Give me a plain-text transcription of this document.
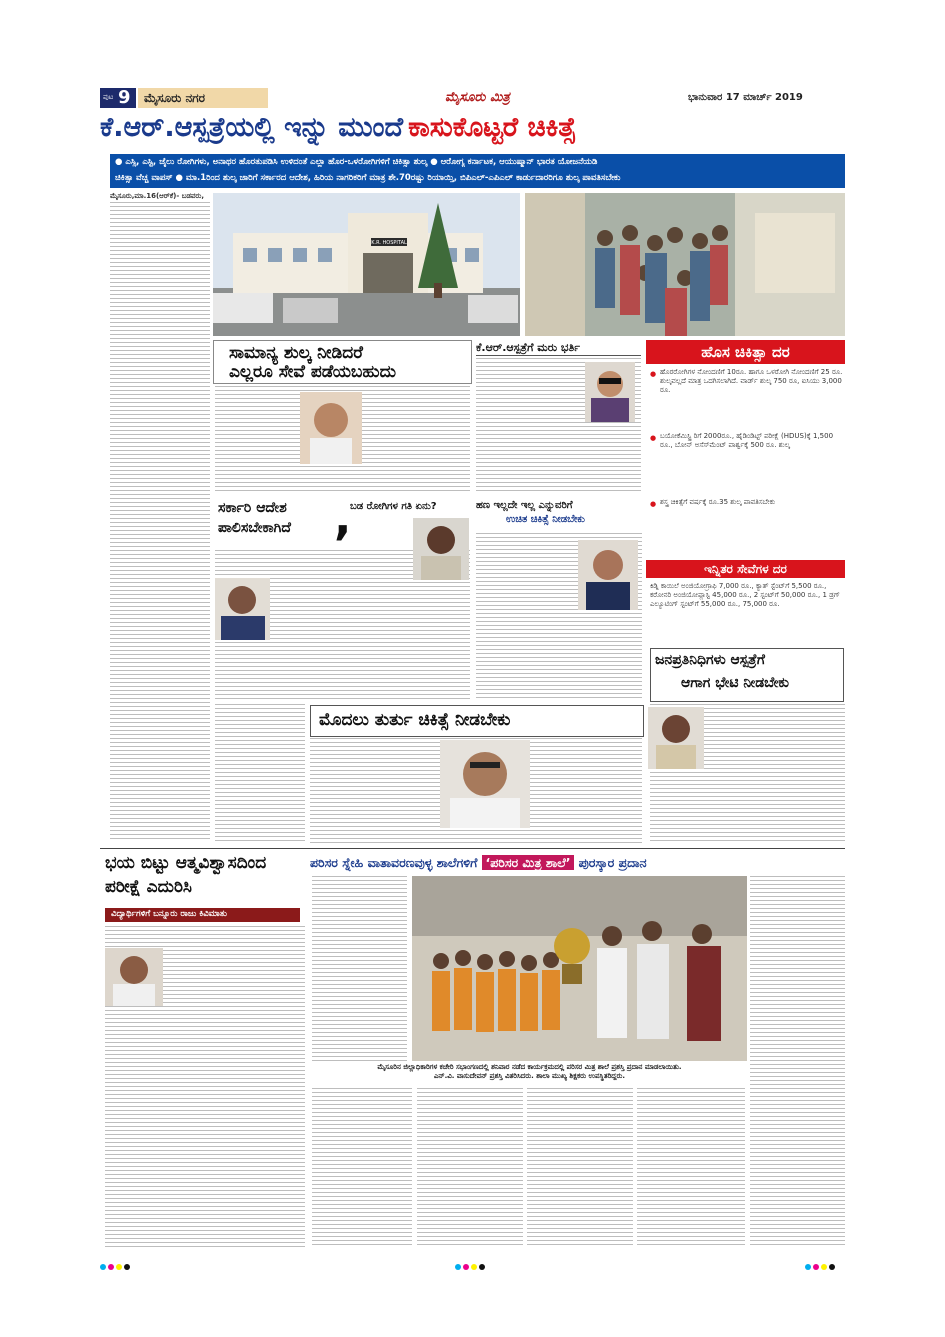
ಪುಟ 9 ಮೈಸೂರು ನಗರ	ಮೈಸೂರು ಮಿತ್ರ	ಭಾನುವಾರ 17 ಮಾರ್ಚ್ 2019
ಕೆ.ಆರ್.ಆಸ್ಪತ್ರೆಯಲ್ಲಿ ಇನ್ನು ಮುಂದೆ ಕಾಸುಕೊಟ್ಟರೆ ಚಿಕಿತ್ಸೆ
● ಎಸ್ಸಿ, ಎಸ್ಟಿ, ಜೈಲು ರೋಗಿಗಳು, ಅನಾಥರ ಹೊರತುಪಡಿಸಿ ಉಳಿದಂತೆ ಎಲ್ಲಾ ಹೊರ-ಒಳರೋಗಿಗಳಿಗೆ ಚಿಕಿತ್ಸಾ ಶುಲ್ಕ ● ಆರೋಗ್ಯ ಕರ್ನಾಟಕ, ಆಯುಷ್ಮಾನ್ ಭಾರತ ಯೋಜನೆಯಡಿ
ಚಿಕಿತ್ಸಾ ವೆಚ್ಚ ವಾಪಸ್ ● ಮಾ.1ರಿಂದ ಶುಲ್ಕ ಜಾರಿಗೆ ಸರ್ಕಾರದ ಆದೇಶ, ಹಿರಿಯ ನಾಗರಿಕರಿಗೆ ಮಾತ್ರ ಶೇ.70ರಷ್ಟು ರಿಯಾಯ್ತಿ, ಬಿಪಿಎಲ್-ಎಪಿಎಲ್ ಕಾರ್ಡುದಾರರಿಗೂ ಶುಲ್ಕ ಪಾವತಿಸಬೇಕು
ಮೈಸೂರು,ಮಾ.16(ಆರ್‌ಕೆ)- ಬಡವರು,
K.R. HOSPITAL
ಸಾಮಾನ್ಯ ಶುಲ್ಕ ನೀಡಿದರೆ
ಎಲ್ಲರೂ ಸೇವೆ ಪಡೆಯಬಹುದು
ಕೆ.ಆರ್.ಆಸ್ಪತ್ರೆಗೆ ಮರು ಭರ್ತಿ	ಹೊಸ ಚಿಕಿತ್ಸಾ ದರ
ಹೊರರೋಗಿಗಳ ನೋಂದಣಿಗೆ 10ರೂ. ಹಾಗೂ ಒಳರೋಗಿ ನೋಂದಣಿಗೆ 25 ರೂ. ಶುಲ್ಕವಲ್ಲದೆ ಮಾತ್ರ ಒದಗಿಸಲಾಗಿದೆ. ವಾರ್ಡ್ ಶುಲ್ಕ 750 ರೂ, ಐಸಿಯು 3,000 ರೂ.
ಬಯೋಕೆಮಿಸ್ಟ್ರಿ ರಿಗೆ 2000ರೂ., ಹೈಡಿಂಡಿಟ್ಟ್ ಪರೀಕ್ಷೆ (HDUS)ಕ್ಕೆ 1,500 ರೂ., ಬೋನ್ ಅಸೆಸ್‌ಮೆಂಟ್ ಪಾರ್ಶ್ವಕ್ಕೆ 500 ರೂ. ಶುಲ್ಕ
ಶಸ್ತ್ರ ಚಿಕಿತ್ಸೆಗೆ ವರ್ಷಕ್ಕೆ ರೂ.35 ಶುಲ್ಕ ಪಾವತಿಸಬೇಕು
●
●
●
ಇನ್ನಿತರ ಸೇವೆಗಳ ದರ
ಕಿಡ್ನಿ ಕಾಯಿಲೆ ಅಂಜಿಯೋಗ್ರಾಫಿ 7,000 ರೂ., ಕ್ಯಾತ್ ಸ್ಟೆಂಟ್‌ಗೆ 5,500 ರೂ., ಕರೋನರಿ ಅಂಜಿಯೋಪ್ಲಾಸ್ಟಿ 45,000 ರೂ., 2 ಸ್ಟಂಟ್‌ಗೆ 50,000 ರೂ., 1 ಡ್ರಗ್ ಎಲ್ಯೂಟಿಂಗ್ ಸ್ಟಂಟ್‌ಗೆ 55,000 ರೂ., 75,000 ರೂ.
ಸರ್ಕಾರಿ ಆದೇಶ
ಪಾಲಿಸಬೇಕಾಗಿದೆ ,
ಬಡ ರೋಗಿಗಳ ಗತಿ ಏನು?	ಹಣ ಇಲ್ಲದೇ ಇಲ್ಲ ಎನ್ನುವರಿಗೆ
ಉಚಿತ ಚಿಕಿತ್ಸೆ ನೀಡಬೇಕು
ಜನಪ್ರತಿನಿಧಿಗಳು ಆಸ್ಪತ್ರೆಗೆ
ಆಗಾಗ ಭೇಟಿ ನೀಡಬೇಕು
ಮೊದಲು ತುರ್ತು ಚಿಕಿತ್ಸೆ ನೀಡಬೇಕು
ಭಯ ಬಿಟ್ಟು ಆತ್ಮವಿಶ್ವಾಸದಿಂದ
ಪರೀಕ್ಷೆ ಎದುರಿಸಿ
ವಿದ್ಯಾರ್ಥಿಗಳಿಗೆ ಬನ್ನೂರು ರಾಜು ಕಿವಿಮಾತು
ಪರಿಸರ ಸ್ನೇಹಿ ವಾತಾವರಣವುಳ್ಳ ಶಾಲೆಗಳಿಗೆ ‘ಪರಿಸರ ಮಿತ್ರ ಶಾಲೆ’ ಪುರಸ್ಕಾರ ಪ್ರದಾನ
ಮೈಸೂರಿನ ಜಿಲ್ಲಾಧಿಕಾರಿಗಳ ಕಚೇರಿ ಸಭಾಂಗಣದಲ್ಲಿ ಶನಿವಾರ ನಡೆದ ಕಾರ್ಯಕ್ರಮದಲ್ಲಿ ಪರಿಸರ ಮಿತ್ರ ಶಾಲೆ ಪ್ರಶಸ್ತಿ ಪ್ರದಾನ ಮಾಡಲಾಯಿತು.
ಎನ್.ವಿ. ವಾಸುದೇವನ್ ಪ್ರಶಸ್ತಿ ವಿತರಿಸಿದರು. ಶಾಲಾ ಮುಖ್ಯ ಶಿಕ್ಷಕರು ಉಪಸ್ಥಿತರಿದ್ದರು.
